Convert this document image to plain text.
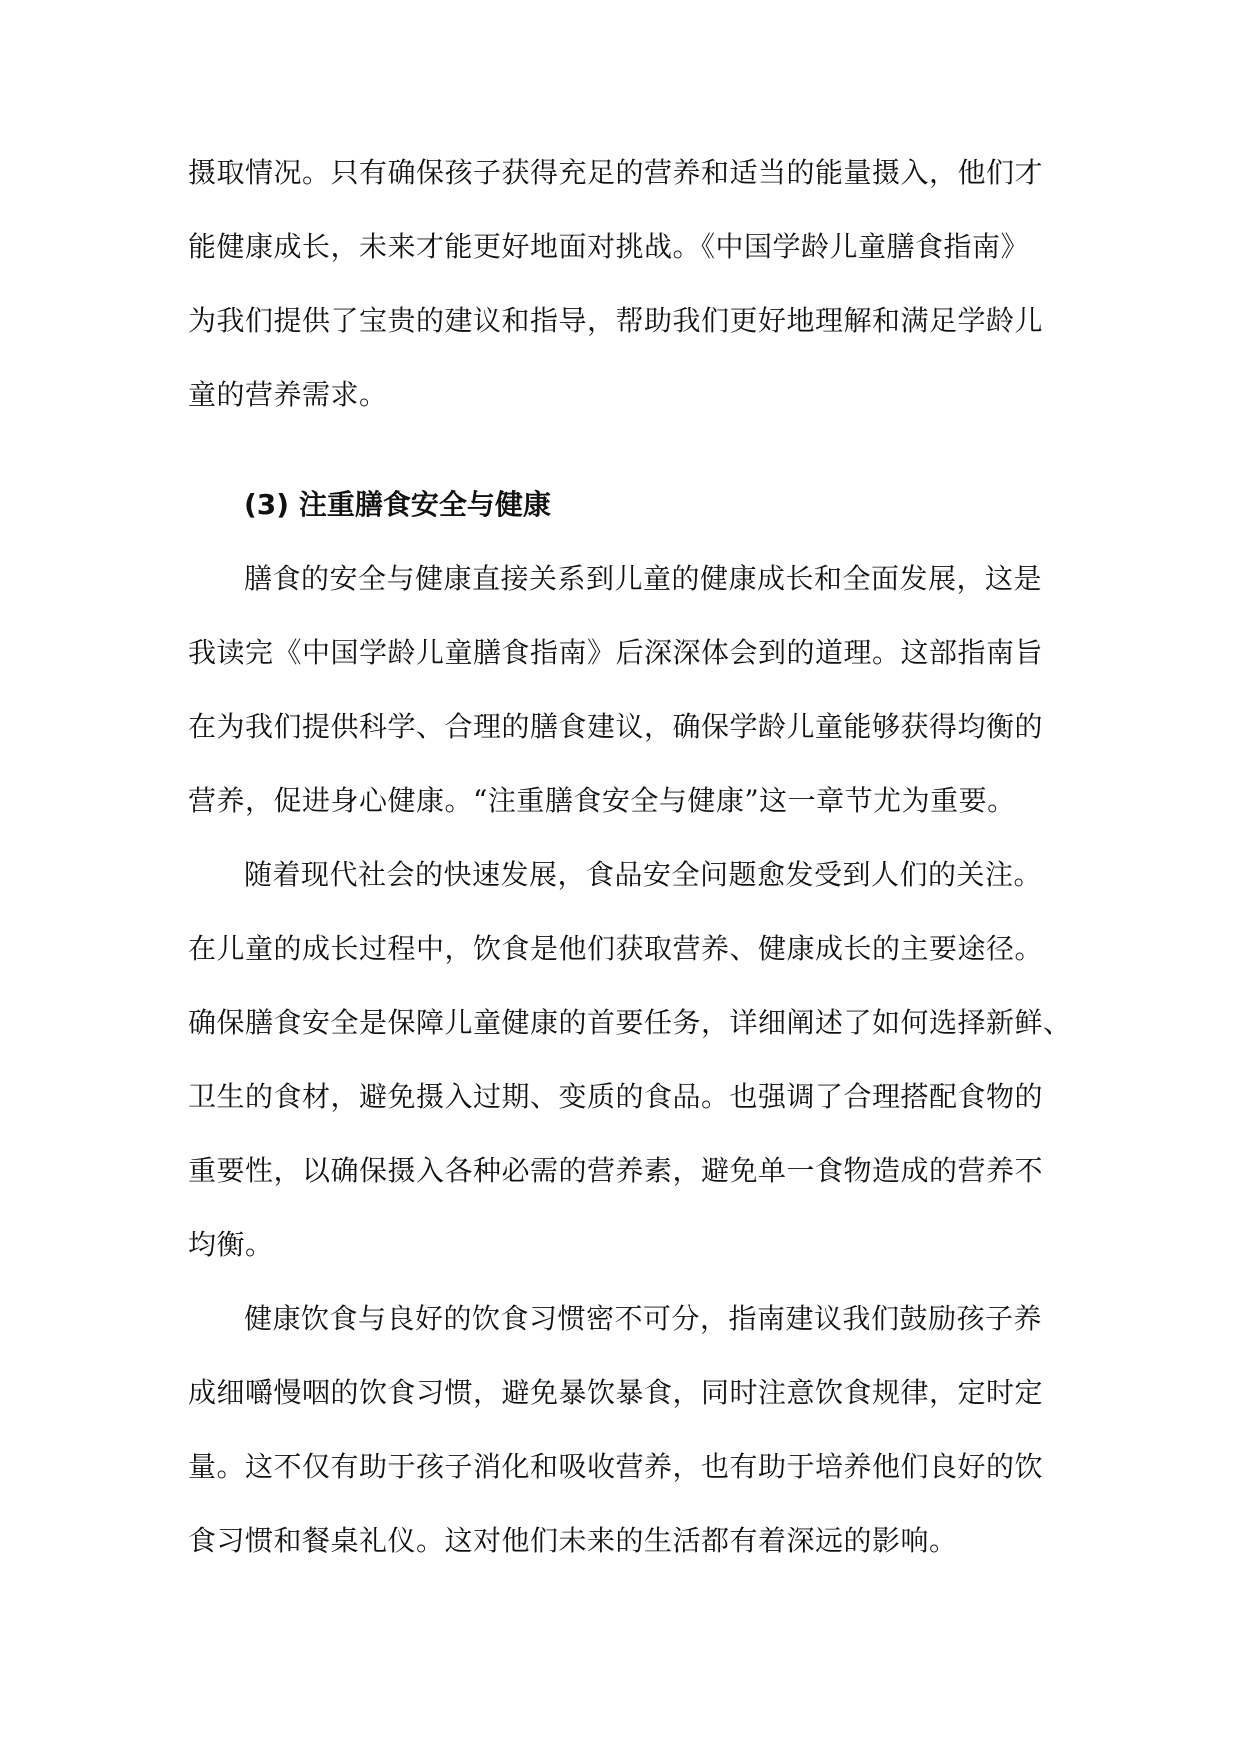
摄取情况。只有确保孩子获得充足的营养和适当的能量摄入，他们才
能健康成长，未来才能更好地面对挑战。《中国学龄儿童膳食指南》
为我们提供了宝贵的建议和指导，帮助我们更好地理解和满足学龄儿
童的营养需求。
(3) 注重膳食安全与健康
膳食的安全与健康直接关系到儿童的健康成长和全面发展，这是
我读完《中国学龄儿童膳食指南》后深深体会到的道理。这部指南旨
在为我们提供科学、合理的膳食建议，确保学龄儿童能够获得均衡的
营养，促进身心健康。“注重膳食安全与健康”这一章节尤为重要。
随着现代社会的快速发展，食品安全问题愈发受到人们的关注。
在儿童的成长过程中，饮食是他们获取营养、健康成长的主要途径。
确保膳食安全是保障儿童健康的首要任务，详细阐述了如何选择新鲜、
卫生的食材，避免摄入过期、变质的食品。也强调了合理搭配食物的
重要性，以确保摄入各种必需的营养素，避免单一食物造成的营养不
均衡。
健康饮食与良好的饮食习惯密不可分，指南建议我们鼓励孩子养
成细嚼慢咽的饮食习惯，避免暴饮暴食，同时注意饮食规律，定时定
量。这不仅有助于孩子消化和吸收营养，也有助于培养他们良好的饮
食习惯和餐桌礼仪。这对他们未来的生活都有着深远的影响。
